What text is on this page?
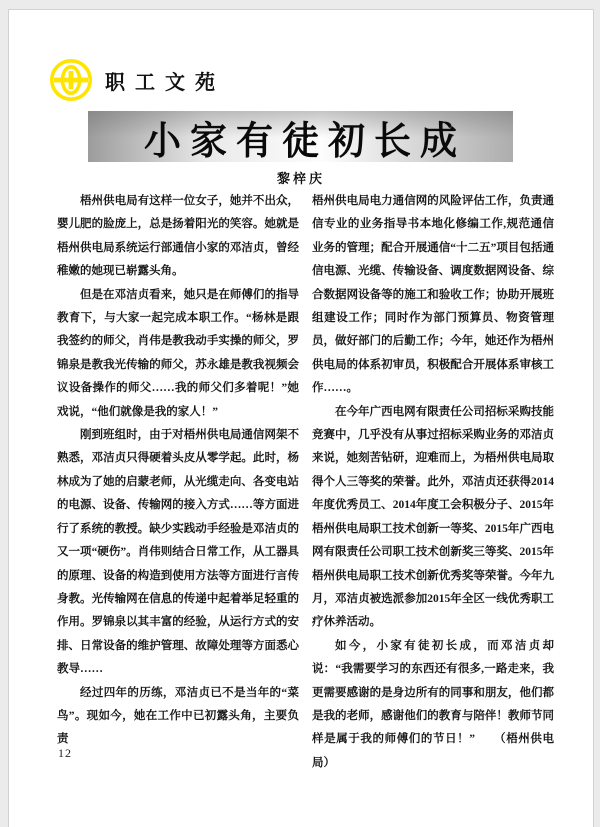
职工文苑
小家有徒初长成
黎梓庆

梧州供电局有这样一位女子，她并不出众，婴儿肥的脸庞上，总是扬着阳光的笑容。她就是梧州供电局系统运行部通信小家的邓洁贞，曾经稚嫩的她现已崭露头角。

但是在邓洁贞看来，她只是在师傅们的指导教育下，与大家一起完成本职工作。“杨林是跟我签约的师父，肖伟是教我动手实操的师父，罗锦泉是教我光传输的师父，苏永雄是教我视频会议设备操作的师父……我的师父们多着呢！”她戏说，“他们就像是我的家人！”

刚到班组时，由于对梧州供电局通信网架不熟悉，邓洁贞只得硬着头皮从零学起。此时，杨林成为了她的启蒙老师，从光缆走向、各变电站的电源、设备、传输网的接入方式……等方面进行了系统的教授。缺少实践动手经验是邓洁贞的又一项“硬伤”。肖伟则结合日常工作，从工器具的原理、设备的构造到使用方法等方面进行言传身教。光传输网在信息的传递中起着举足轻重的作用。罗锦泉以其丰富的经验，从运行方式的安排、日常设备的维护管理、故障处理等方面悉心教导……

经过四年的历练，邓洁贞已不是当年的“菜鸟”。现如今，她在工作中已初露头角，主要负责

梧州供电局电力通信网的风险评估工作，负责通信专业的业务指导书本地化修编工作,规范通信业务的管理；配合开展通信“十二五”项目包括通信电源、光缆、传输设备、调度数据网设备、综合数据网设备等的施工和验收工作；协助开展班组建设工作；同时作为部门预算员、物资管理员，做好部门的后勤工作；今年，她还作为梧州供电局的体系初审员，积极配合开展体系审核工作……。

在今年广西电网有限责任公司招标采购技能竞赛中，几乎没有从事过招标采购业务的邓洁贞来说，她刻苦钻研，迎难而上，为梧州供电局取得个人三等奖的荣誉。此外，邓洁贞还获得2014年度优秀员工、2014年度工会积极分子、2015年梧州供电局职工技术创新一等奖、2015年广西电网有限责任公司职工技术创新奖三等奖、2015年梧州供电局职工技术创新优秀奖等荣誉。今年九月，邓洁贞被选派参加2015年全区一线优秀职工疗休养活动。

如今，小家有徒初长成，而邓洁贞却说：“我需要学习的东西还有很多,一路走来，我更需要感谢的是身边所有的同事和朋友，他们都是我的老师，感谢他们的教育与陪伴！教师节同样是属于我的师傅们的节日！”　　（梧州供电局）

12
